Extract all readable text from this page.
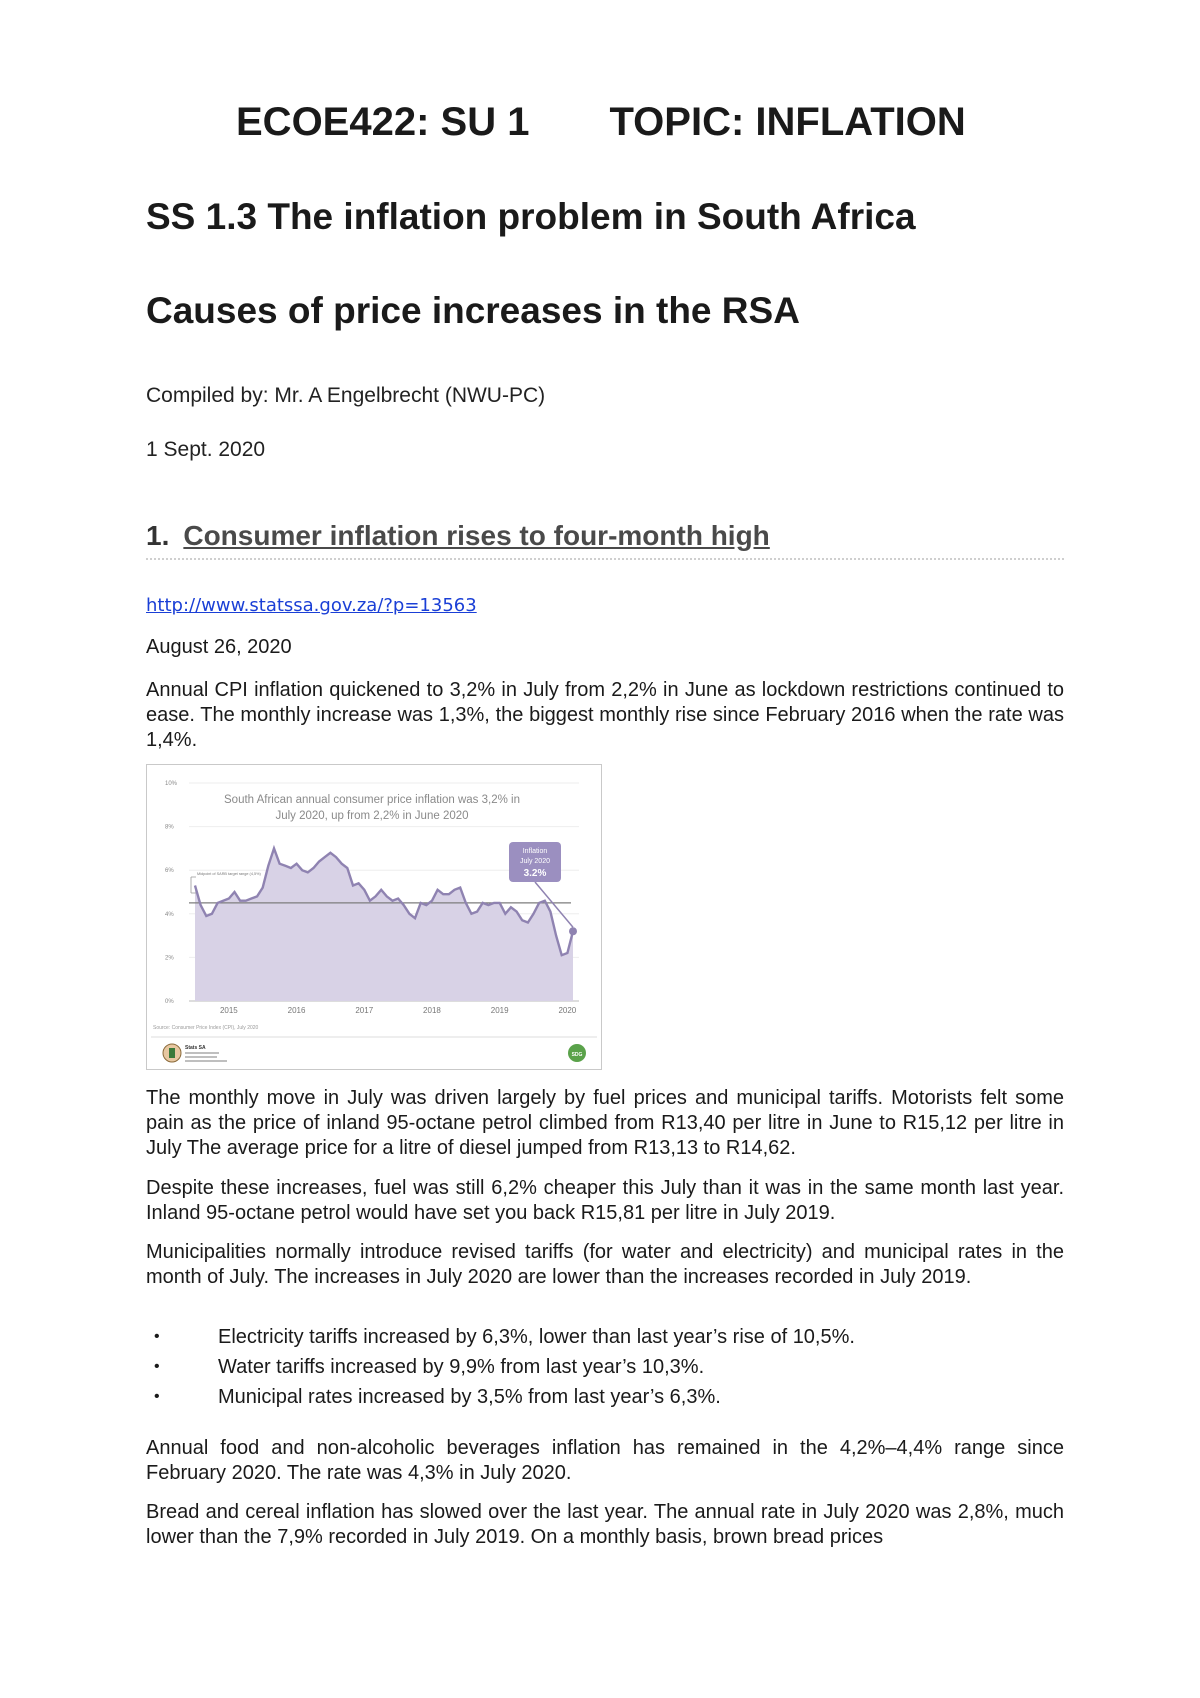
ECOE422: SU 1 TOPIC: INFLATION
SS 1.3 The inflation problem in South Africa
Causes of price increases in the RSA
Compiled by: Mr. A Engelbrecht (NWU-PC)
1 Sept. 2020
1. Consumer inflation rises to four-month high
http://www.statssa.gov.za/?p=13563
August 26, 2020
Annual CPI inflation quickened to 3,2% in July from 2,2% in June as lockdown restrictions continued to ease. The monthly increase was 1,3%, the biggest monthly rise since February 2016 when the rate was 1,4%.
0%
2%
4%
6%
8%
10%
2015	2016	2017	2018	2019	2020
Inflation
July 2020
3.2%
Midpoint of SARB target range (4,5%)
South African annual consumer price inflation was 3,2% in
July 2020, up from 2,2% in June 2020
Source: Consumer Price Index (CPI), July 2020
Stats SA
SDG
The monthly move in July was driven largely by fuel prices and municipal tariffs. Motorists felt some pain as the price of inland 95-octane petrol climbed from R13,40 per litre in June to R15,12 per litre in July The average price for a litre of diesel jumped from R13,13 to R14,62.
Despite these increases, fuel was still 6,2% cheaper this July than it was in the same month last year. Inland 95-octane petrol would have set you back R15,81 per litre in July 2019.
Municipalities normally introduce revised tariffs (for water and electricity) and municipal rates in the month of July. The increases in July 2020 are lower than the increases recorded in July 2019.
•	Electricity tariffs increased by 6,3%, lower than last year’s rise of 10,5%.
•	Water tariffs increased by 9,9% from last year’s 10,3%.
•	Municipal rates increased by 3,5% from last year’s 6,3%.
Annual food and non-alcoholic beverages inflation has remained in the 4,2%–4,4% range since February 2020. The rate was 4,3% in July 2020.
Bread and cereal inflation has slowed over the last year. The annual rate in July 2020 was 2,8%, much lower than the 7,9% recorded in July 2019. On a monthly basis, brown bread prices
